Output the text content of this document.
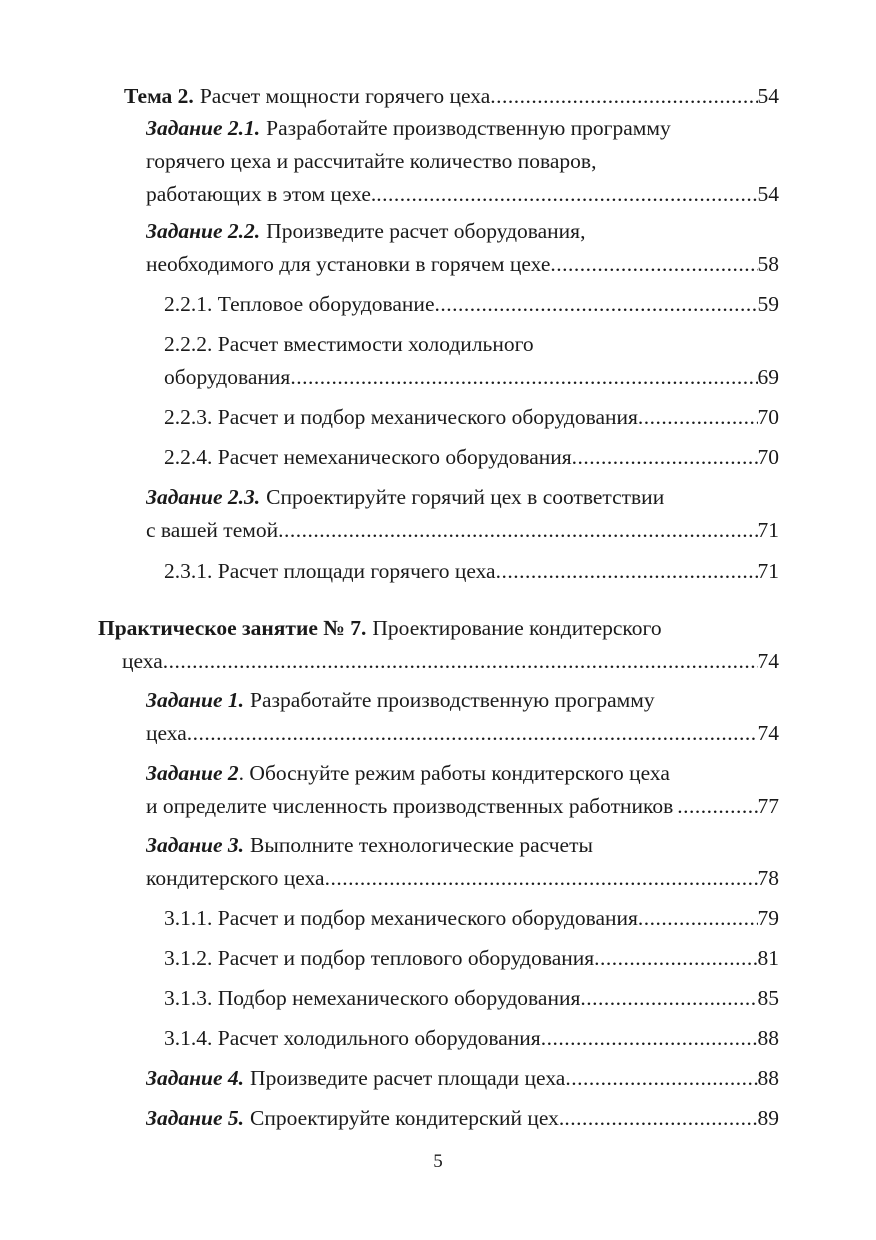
Тема 2. Расчет мощности горячего цеха .....	54
Задание 2.1. Разработайте производственную программу
горячего цеха и рассчитайте количество поваров,
работающих в этом цехе. .....	54
Задание 2.2. Произведите расчет оборудования,
необходимого для установки в горячем цехе .....	58
2.2.1. Тепловое оборудование .....	59
2.2.2. Расчет вместимости холодильного
оборудования .....	69
2.2.3. Расчет и подбор механического оборудования .....	70
2.2.4. Расчет немеханического оборудования .....	70
Задание 2.3. Спроектируйте горячий цех в соответствии
с вашей темой .....	71
2.3.1. Расчет площади горячего цеха .....	71
Практическое занятие № 7. Проектирование кондитерского
цеха .....	74
Задание 1. Разработайте производственную программу
цеха .....	74
Задание 2. Обоснуйте режим работы кондитерского цеха
и определите численность производственных работников .....	77
Задание 3. Выполните технологические расчеты
кондитерского цеха .....	78
3.1.1. Расчет и подбор механического оборудования .....	79
3.1.2. Расчет и подбор теплового оборудования .....	81
3.1.3. Подбор немеханического оборудования .....	85
3.1.4. Расчет холодильного оборудования .....	88
Задание 4. Произведите расчет площади цеха .....	88
Задание 5. Спроектируйте кондитерский цех. .....	89
5
